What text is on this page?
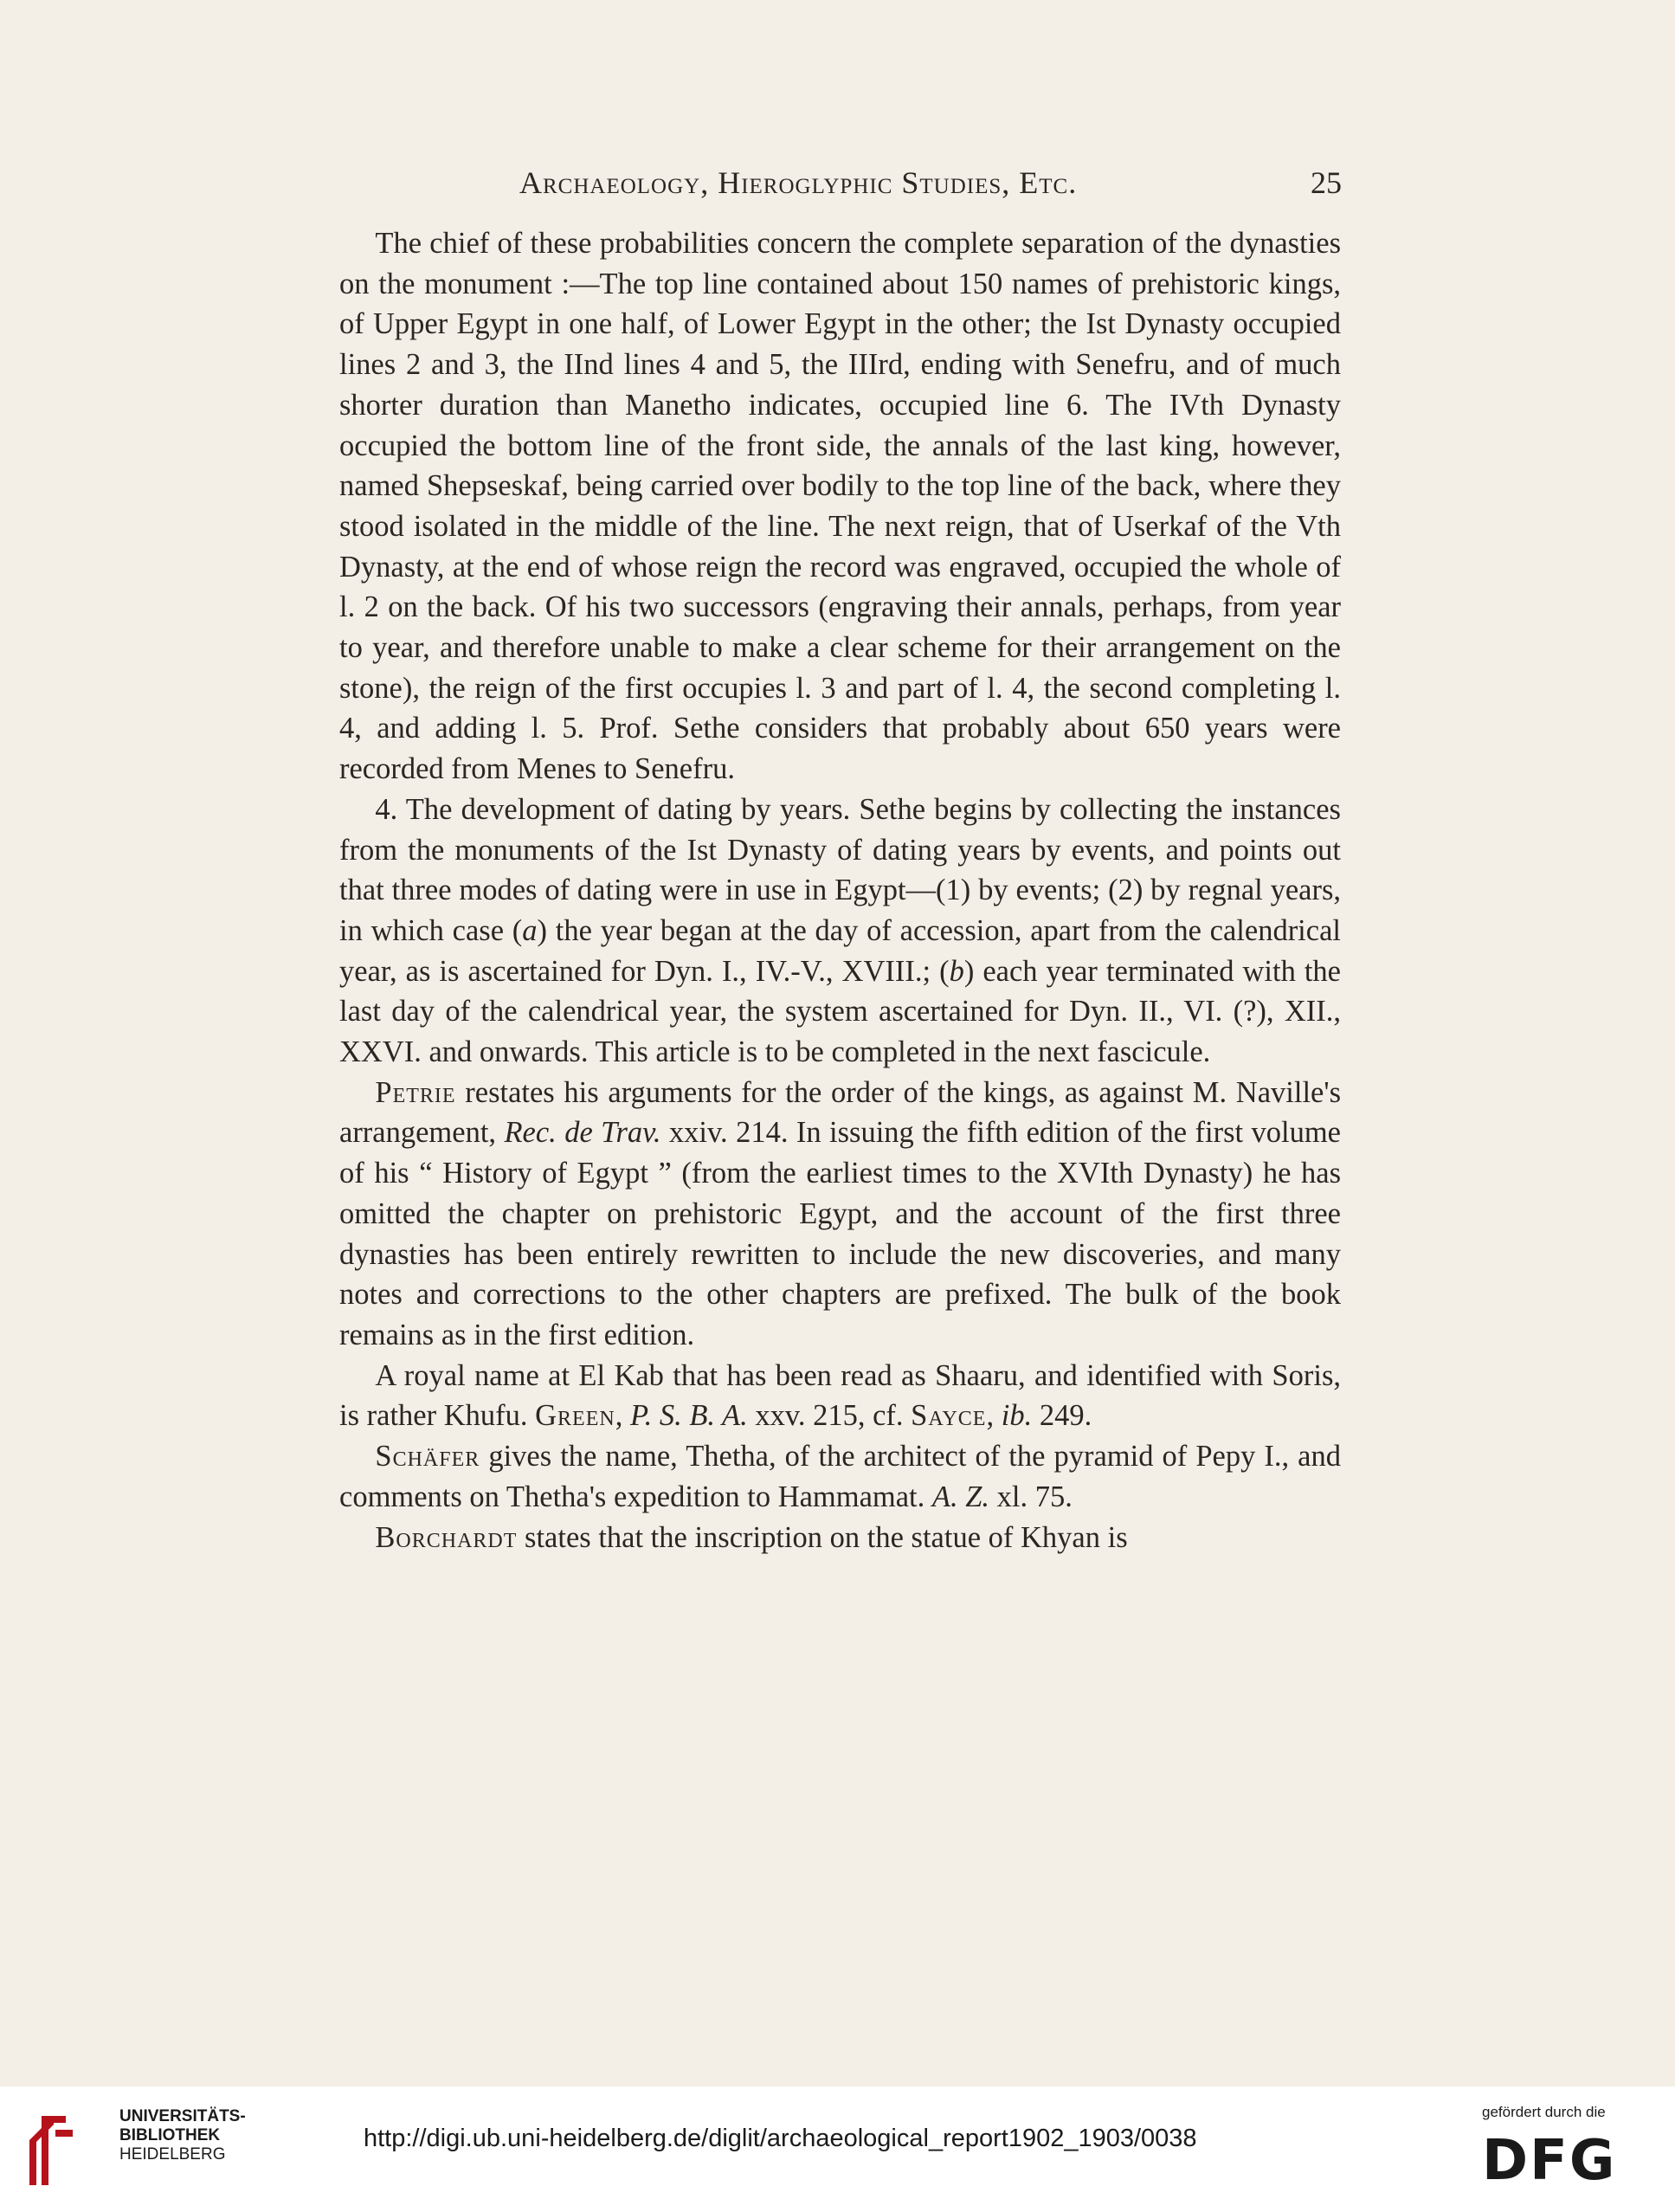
Archaeology, Hieroglyphic Studies, Etc.	25

The chief of these probabilities concern the complete separation of the dynasties on the monument :—The top line contained about 150 names of prehistoric kings, of Upper Egypt in one half, of Lower Egypt in the other; the Ist Dynasty occupied lines 2 and 3, the IInd lines 4 and 5, the IIIrd, ending with Senefru, and of much shorter duration than Manetho indicates, occupied line 6. The IVth Dynasty occupied the bottom line of the front side, the annals of the last king, however, named Shepseskaf, being carried over bodily to the top line of the back, where they stood isolated in the middle of the line. The next reign, that of Userkaf of the Vth Dynasty, at the end of whose reign the record was engraved, occupied the whole of l. 2 on the back. Of his two successors (engraving their annals, perhaps, from year to year, and therefore unable to make a clear scheme for their arrangement on the stone), the reign of the first occupies l. 3 and part of l. 4, the second completing l. 4, and adding l. 5. Prof. Sethe considers that probably about 650 years were recorded from Menes to Senefru.

4. The development of dating by years. Sethe begins by collecting the instances from the monuments of the Ist Dynasty of dating years by events, and points out that three modes of dating were in use in Egypt—(1) by events; (2) by regnal years, in which case (a) the year began at the day of accession, apart from the calendrical year, as is ascertained for Dyn. I., IV.-V., XVIII.; (b) each year terminated with the last day of the calendrical year, the system ascertained for Dyn. II., VI. (?), XII., XXVI. and onwards. This article is to be completed in the next fascicule.

Petrie restates his arguments for the order of the kings, as against M. Naville's arrangement, Rec. de Trav. xxiv. 214. In issuing the fifth edition of the first volume of his “ History of Egypt ” (from the earliest times to the XVIth Dynasty) he has omitted the chapter on prehistoric Egypt, and the account of the first three dynasties has been entirely rewritten to include the new discoveries, and many notes and corrections to the other chapters are prefixed. The bulk of the book remains as in the first edition.

A royal name at El Kab that has been read as Shaaru, and identified with Soris, is rather Khufu. Green, P. S. B. A. xxv. 215, cf. Sayce, ib. 249.

Schäfer gives the name, Thetha, of the architect of the pyramid of Pepy I., and comments on Thetha's expedition to Hammamat. A. Z. xl. 75.

Borchardt states that the inscription on the statue of Khyan is

UNIVERSITÄTS-
BIBLIOTHEK
HEIDELBERG
http://digi.ub.uni-heidelberg.de/diglit/archaeological_report1902_1903/0038
gefördert durch die
DFG
